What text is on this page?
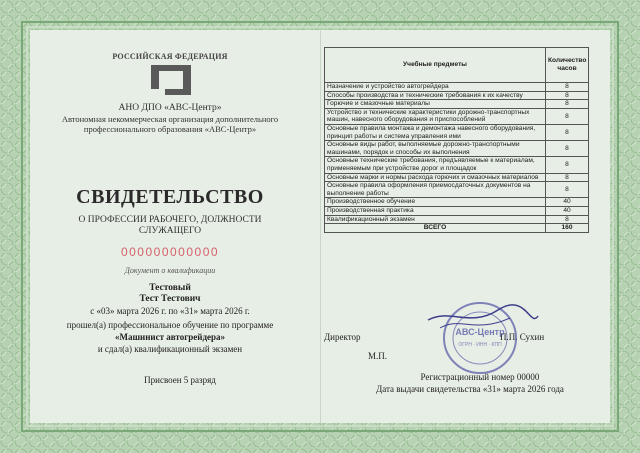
РОССИЙСКАЯ ФЕДЕРАЦИЯ
АНО ДПО «АВС-Центр»
Автономная некоммерческая организация дополнительного профессионального образования «АВС-Центр»
СВИДЕТЕЛЬСТВО
О ПРОФЕССИИ РАБОЧЕГО, ДОЛЖНОСТИ СЛУЖАЩЕГО
000000000000
Документ о квалификации
Тестовый
Тест Тестович
с «03» марта 2026 г. по «31» марта 2026 г.
прошел(а) профессиональное обучение по программе
«Машинист автогрейдера»
и сдал(а) квалификационный экзамен
Присвоен 5 разряд
Учебные предметы	Количество часов
Назначение и устройство автогрейдера	8
Способы производства и технические требования к их качеству	8
Горючие и смазочные материалы	8
Устройство и технические характеристики дорожно-транспортных машин, навесного оборудования и приспособлений	8
Основные правила монтажа и демонтажа навесного оборудования, принцип работы и система управления ими	8
Основные виды работ, выполняемые дорожно-транспортными машинами, порядок и способы их выполнения	8
Основные технические требования, предъявляемые к материалам, применяемым при устройстве дорог и площадок	8
Основные марки и нормы расхода горючих и смазочных материалов	8
Основные правила оформления приемосдаточных документов на выполнение работы	8
Производственное обучение	40
Производственная практика	40
Квалификационный экзамен	8
ВСЕГО	160
Директор	П.П. Сухин
М.П.
Регистрационный номер 00000
Дата выдачи свидетельства «31» марта 2026 года
АВС-Центр
ОГРН · ИНН · КПП
